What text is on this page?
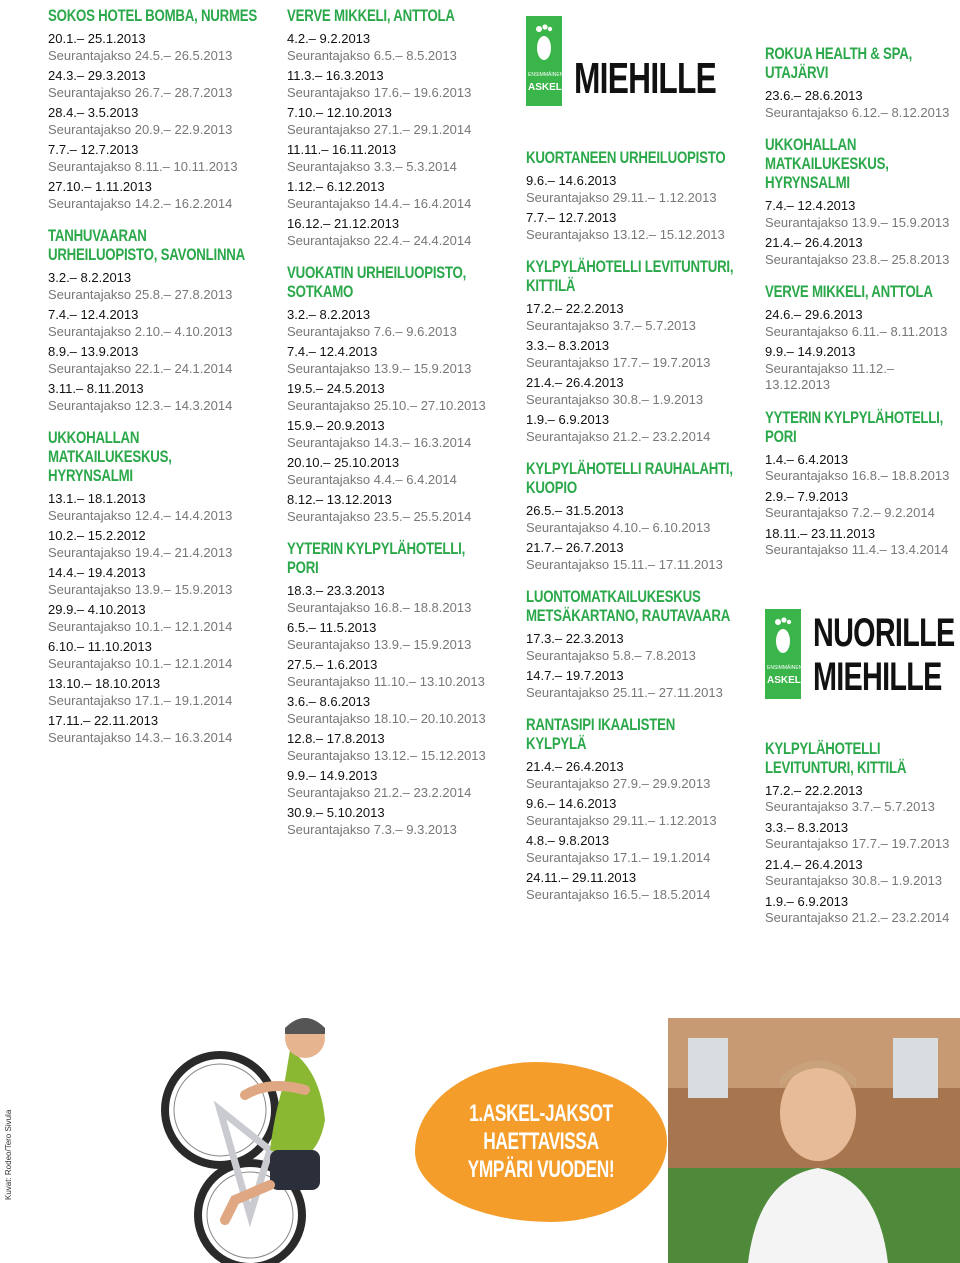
SOKOS HOTEL BOMBA, NURMES
20.1.– 25.1.2013
Seurantajakso 24.5.– 26.5.2013
24.3.– 29.3.2013
Seurantajakso 26.7.– 28.7.2013
28.4.– 3.5.2013
Seurantajakso 20.9.– 22.9.2013
7.7.– 12.7.2013
Seurantajakso 8.11.– 10.11.2013
27.10.– 1.11.2013
Seurantajakso 14.2.– 16.2.2014
TANHUVAARAN URHEILUOPISTO, SAVONLINNA
3.2.– 8.2.2013
Seurantajakso 25.8.– 27.8.2013
7.4.– 12.4.2013
Seurantajakso 2.10.– 4.10.2013
8.9.– 13.9.2013
Seurantajakso 22.1.– 24.1.2014
3.11.– 8.11.2013
Seurantajakso 12.3.– 14.3.2014
UKKOHALLAN MATKAILUKESKUS, HYRYNSALMI
13.1.– 18.1.2013
Seurantajakso 12.4.– 14.4.2013
10.2.– 15.2.2012
Seurantajakso 19.4.– 21.4.2013
14.4.– 19.4.2013
Seurantajakso 13.9.– 15.9.2013
29.9.– 4.10.2013
Seurantajakso 10.1.– 12.1.2014
6.10.– 11.10.2013
Seurantajakso 10.1.– 12.1.2014
13.10.– 18.10.2013
Seurantajakso 17.1.– 19.1.2014
17.11.– 22.11.2013
Seurantajakso 14.3.– 16.3.2014
VERVE MIKKELI, ANTTOLA
4.2.– 9.2.2013
Seurantajakso 6.5.– 8.5.2013
11.3.– 16.3.2013
Seurantajakso 17.6.– 19.6.2013
7.10.– 12.10.2013
Seurantajakso 27.1.– 29.1.2014
11.11.– 16.11.2013
Seurantajakso 3.3.– 5.3.2014
1.12.– 6.12.2013
Seurantajakso 14.4.– 16.4.2014
16.12.– 21.12.2013
Seurantajakso 22.4.– 24.4.2014
VUOKATIN URHEILUOPISTO, SOTKAMO
3.2.– 8.2.2013
Seurantajakso 7.6.– 9.6.2013
7.4.– 12.4.2013
Seurantajakso 13.9.– 15.9.2013
19.5.– 24.5.2013
Seurantajakso 25.10.– 27.10.2013
15.9.– 20.9.2013
Seurantajakso 14.3.– 16.3.2014
20.10.– 25.10.2013
Seurantajakso 4.4.– 6.4.2014
8.12.– 13.12.2013
Seurantajakso 23.5.– 25.5.2014
YYTERIN KYLPYLÄHOTELLI, PORI
18.3.– 23.3.2013
Seurantajakso 16.8.– 18.8.2013
6.5.– 11.5.2013
Seurantajakso 13.9.– 15.9.2013
27.5.– 1.6.2013
Seurantajakso 11.10.– 13.10.2013
3.6.– 8.6.2013
Seurantajakso 18.10.– 20.10.2013
12.8.– 17.8.2013
Seurantajakso 13.12.– 15.12.2013
9.9.– 14.9.2013
Seurantajakso 21.2.– 23.2.2014
30.9.– 5.10.2013
Seurantajakso 7.3.– 9.3.2013
ENSIMMÄINEN
ASKEL MIEHILLE
KUORTANEEN URHEILUOPISTO
9.6.– 14.6.2013
Seurantajakso 29.11.– 1.12.2013
7.7.– 12.7.2013
Seurantajakso 13.12.– 15.12.2013
KYLPYLÄHOTELLI LEVITUNTURI, KITTILÄ
17.2.– 22.2.2013
Seurantajakso 3.7.– 5.7.2013
3.3.– 8.3.2013
Seurantajakso 17.7.– 19.7.2013
21.4.– 26.4.2013
Seurantajakso 30.8.– 1.9.2013
1.9.– 6.9.2013
Seurantajakso 21.2.– 23.2.2014
KYLPYLÄHOTELLI RAUHALAHTI, KUOPIO
26.5.– 31.5.2013
Seurantajakso 4.10.– 6.10.2013
21.7.– 26.7.2013
Seurantajakso 15.11.– 17.11.2013
LUONTOMATKAILUKESKUS METSÄKARTANO, RAUTAVAARA
17.3.– 22.3.2013
Seurantajakso 5.8.– 7.8.2013
14.7.– 19.7.2013
Seurantajakso 25.11.– 27.11.2013
RANTASIPI IKAALISTEN KYLPYLÄ
21.4.– 26.4.2013
Seurantajakso 27.9.– 29.9.2013
9.6.– 14.6.2013
Seurantajakso 29.11.– 1.12.2013
4.8.– 9.8.2013
Seurantajakso 17.1.– 19.1.2014
24.11.– 29.11.2013
Seurantajakso 16.5.– 18.5.2014
ROKUA HEALTH & SPA, UTAJÄRVI
23.6.– 28.6.2013
Seurantajakso 6.12.– 8.12.2013
UKKOHALLAN MATKAILUKESKUS, HYRYNSALMI
7.4.– 12.4.2013
Seurantajakso 13.9.– 15.9.2013
21.4.– 26.4.2013
Seurantajakso 23.8.– 25.8.2013
VERVE MIKKELI, ANTTOLA
24.6.– 29.6.2013
Seurantajakso 6.11.– 8.11.2013
9.9.– 14.9.2013
Seurantajakso 11.12.– 13.12.2013
YYTERIN KYLPYLÄHOTELLI, PORI
1.4.– 6.4.2013
Seurantajakso 16.8.– 18.8.2013
2.9.– 7.9.2013
Seurantajakso 7.2.– 9.2.2014
18.11.– 23.11.2013
Seurantajakso 11.4.– 13.4.2014
ENSIMMÄINEN
ASKEL
NUORILLE
MIEHILLE
KYLPYLÄHOTELLI LEVITUNTURI, KITTILÄ
17.2.– 22.2.2013
Seurantajakso 3.7.– 5.7.2013
3.3.– 8.3.2013
Seurantajakso 17.7.– 19.7.2013
21.4.– 26.4.2013
Seurantajakso 30.8.– 1.9.2013
1.9.– 6.9.2013
Seurantajakso 21.2.– 23.2.2014
1.ASKEL-JAKSOT
HAETTAVISSA YMPÄRI VUODEN!
Kuvat: Rodeo/Tero Sivula
